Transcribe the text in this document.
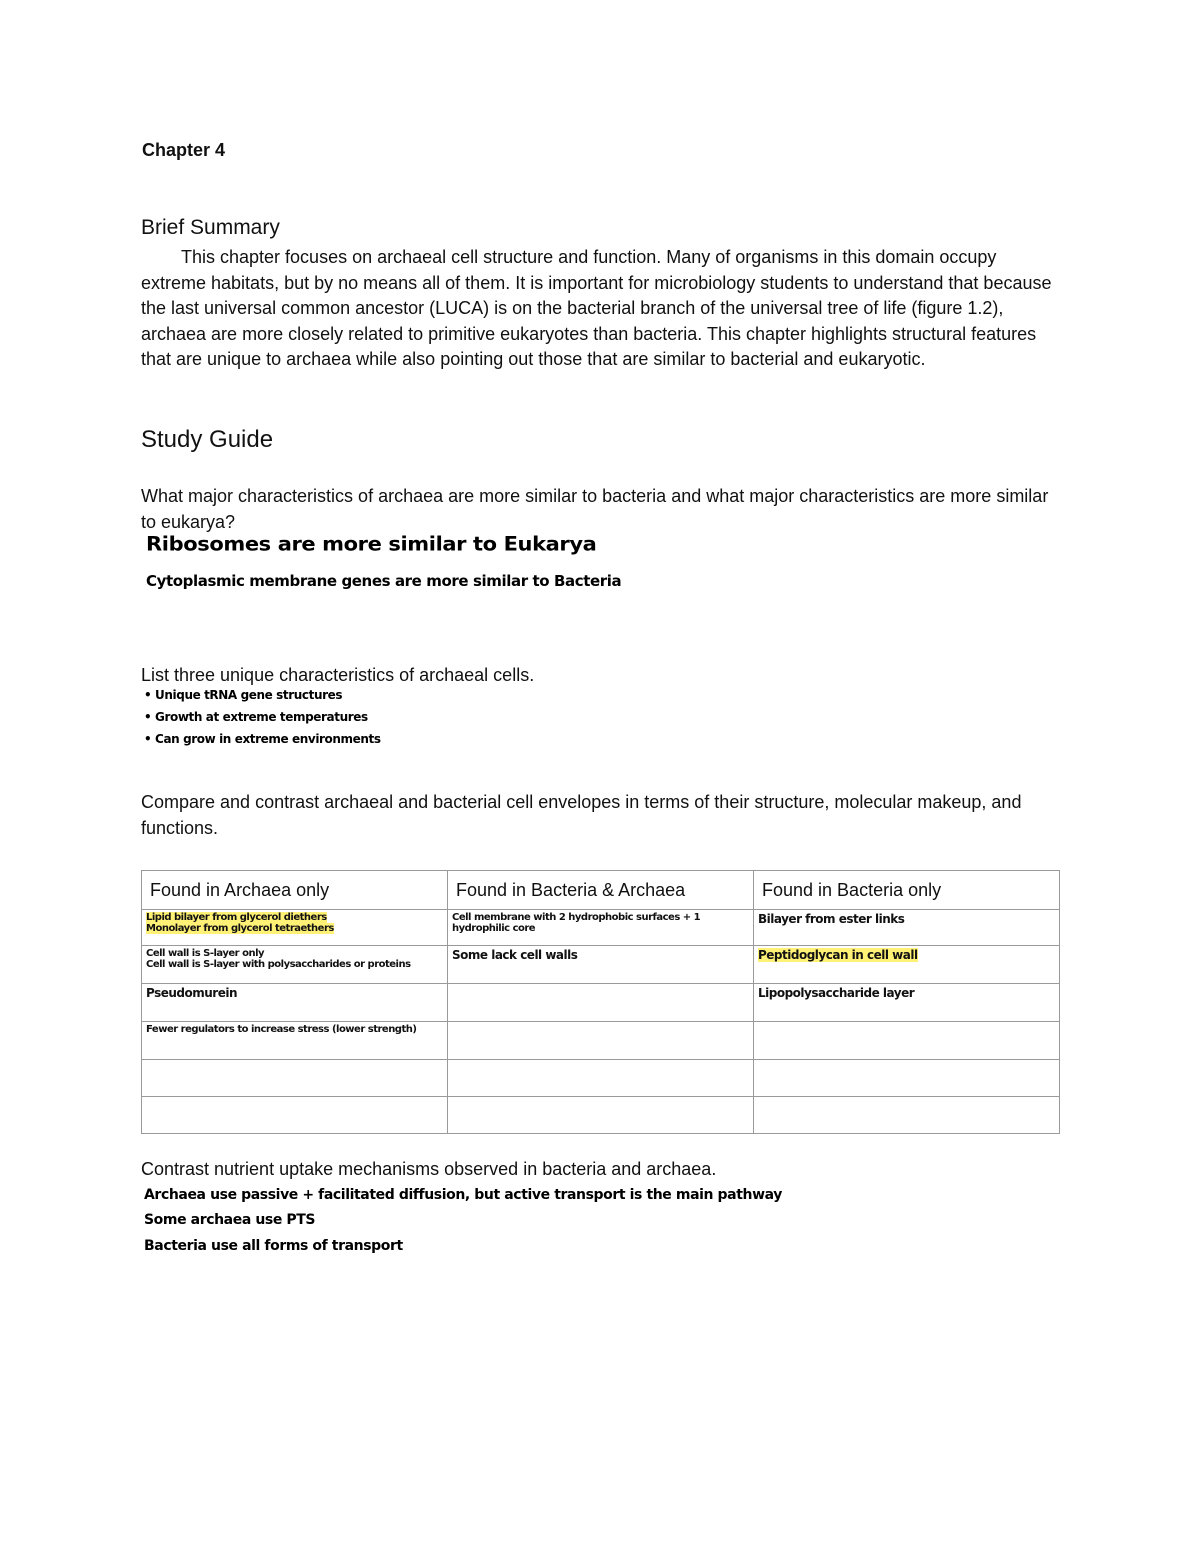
Chapter 4
Brief Summary
This chapter focuses on archaeal cell structure and function. Many of organisms in this domain occupy extreme habitats, but by no means all of them. It is important for microbiology students to understand that because the last universal common ancestor (LUCA) is on the bacterial branch of the universal tree of life (figure 1.2), archaea are more closely related to primitive eukaryotes than bacteria. This chapter highlights structural features that are unique to archaea while also pointing out those that are similar to bacterial and eukaryotic.
Study Guide
What major characteristics of archaea are more similar to bacteria and what major characteristics are more similar to eukarya?
Ribosomes are more similar to Eukarya
Cytoplasmic membrane genes are more similar to Bacteria
List three unique characteristics of archaeal cells.
• Unique tRNA gene structures
• Growth at extreme temperatures
• Can grow in extreme environments
Compare and contrast archaeal and bacterial cell envelopes in terms of their structure, molecular makeup, and functions.
Found in Archaea only	Found in Bacteria & Archaea	Found in Bacteria only

Lipid bilayer from glycerol diethers
Monolayer from glycerol tetraethers	Cell membrane with 2 hydrophobic surfaces + 1 hydrophilic core	Bilayer from ester links

Cell wall is S-layer only
Cell wall is S-layer with polysaccharides or proteins	Some lack cell walls	Peptidoglycan in cell wall

Pseudomurein		Lipopolysaccharide layer

Fewer regulators to increase stress (lower strength)		

Contrast nutrient uptake mechanisms observed in bacteria and archaea.
Archaea use passive + facilitated diffusion, but active transport is the main pathway
Some archaea use PTS
Bacteria use all forms of transport
